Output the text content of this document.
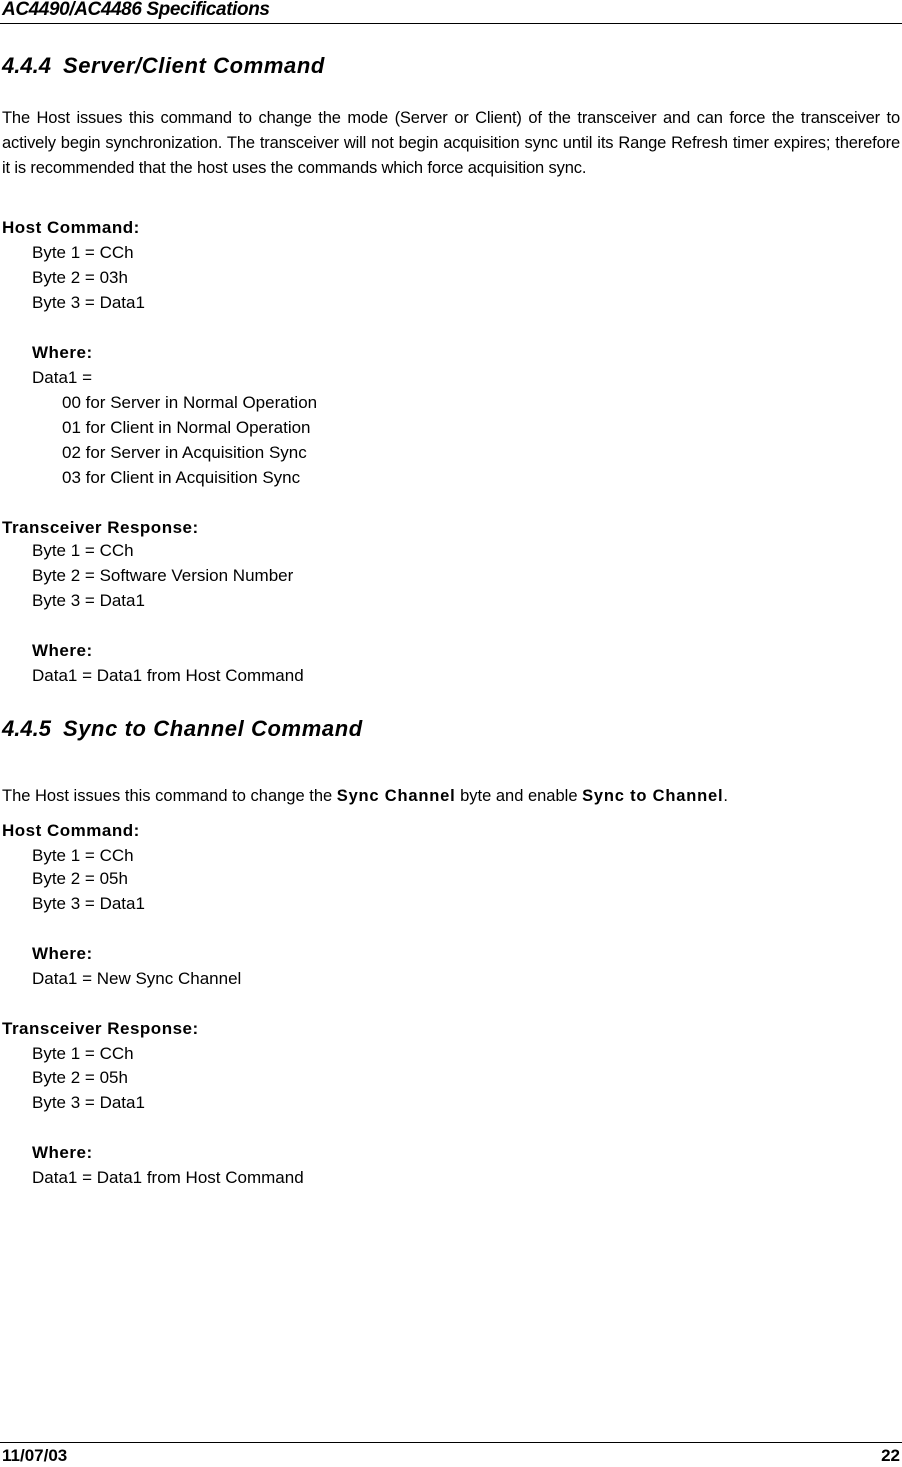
AC4490/AC4486 Specifications
4.4.4 Server/Client Command
The Host issues this command to change the mode (Server or Client) of the transceiver and can force the transceiver to actively begin synchronization. The transceiver will not begin acquisition sync until its Range Refresh timer expires; therefore it is recommended that the host uses the commands which force acquisition sync.
Host Command:
Byte 1 = CCh
Byte 2 = 03h
Byte 3 = Data1
Where:
Data1 =
00 for Server in Normal Operation
01 for Client in Normal Operation
02 for Server in Acquisition Sync
03 for Client in Acquisition Sync
Transceiver Response:
Byte 1 = CCh
Byte 2 = Software Version Number
Byte 3 = Data1
Where:
Data1 = Data1 from Host Command
4.4.5 Sync to Channel Command
The Host issues this command to change the Sync Channel byte and enable Sync to Channel.
Host Command:
Byte 1 = CCh
Byte 2 = 05h
Byte 3 = Data1
Where:
Data1 = New Sync Channel
Transceiver Response:
Byte 1 = CCh
Byte 2 = 05h
Byte 3 = Data1
Where:
Data1 = Data1 from Host Command
11/07/03	22
